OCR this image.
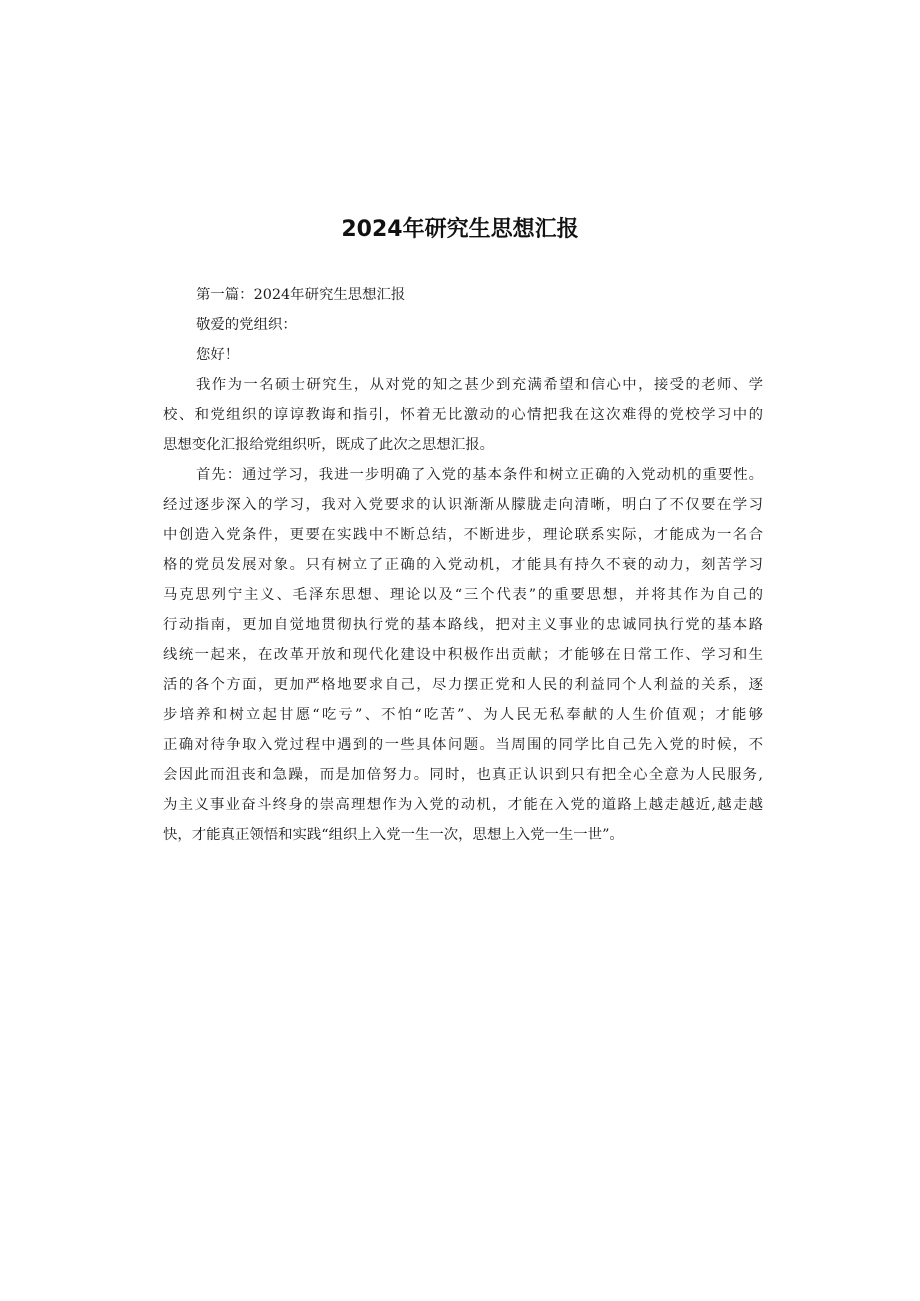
2024年研究生思想汇报
第一篇：2024年研究生思想汇报
敬爱的党组织：
您好！
我作为一名硕士研究生，从对党的知之甚少到充满希望和信心中，接受的老师、学
校、和党组织的谆谆教诲和指引，怀着无比激动的心情把我在这次难得的党校学习中的
思想变化汇报给党组织听，既成了此次之思想汇报。
首先：通过学习，我进一步明确了入党的基本条件和树立正确的入党动机的重要性。
经过逐步深入的学习，我对入党要求的认识渐渐从朦胧走向清晰，明白了不仅要在学习
中创造入党条件，更要在实践中不断总结，不断进步，理论联系实际，才能成为一名合
格的党员发展对象。只有树立了正确的入党动机，才能具有持久不衰的动力，刻苦学习
马克思列宁主义、毛泽东思想、理论以及“三个代表”的重要思想，并将其作为自己的
行动指南，更加自觉地贯彻执行党的基本路线，把对主义事业的忠诚同执行党的基本路
线统一起来，在改革开放和现代化建设中积极作出贡献；才能够在日常工作、学习和生
活的各个方面，更加严格地要求自己，尽力摆正党和人民的利益同个人利益的关系，逐
步培养和树立起甘愿“吃亏”、不怕“吃苦”、为人民无私奉献的人生价值观；才能够
正确对待争取入党过程中遇到的一些具体问题。当周围的同学比自己先入党的时候，不
会因此而沮丧和急躁，而是加倍努力。同时，也真正认识到只有把全心全意为人民服务,
为主义事业奋斗终身的崇高理想作为入党的动机，才能在入党的道路上越走越近,越走越
快，才能真正领悟和实践“组织上入党一生一次，思想上入党一生一世”。
